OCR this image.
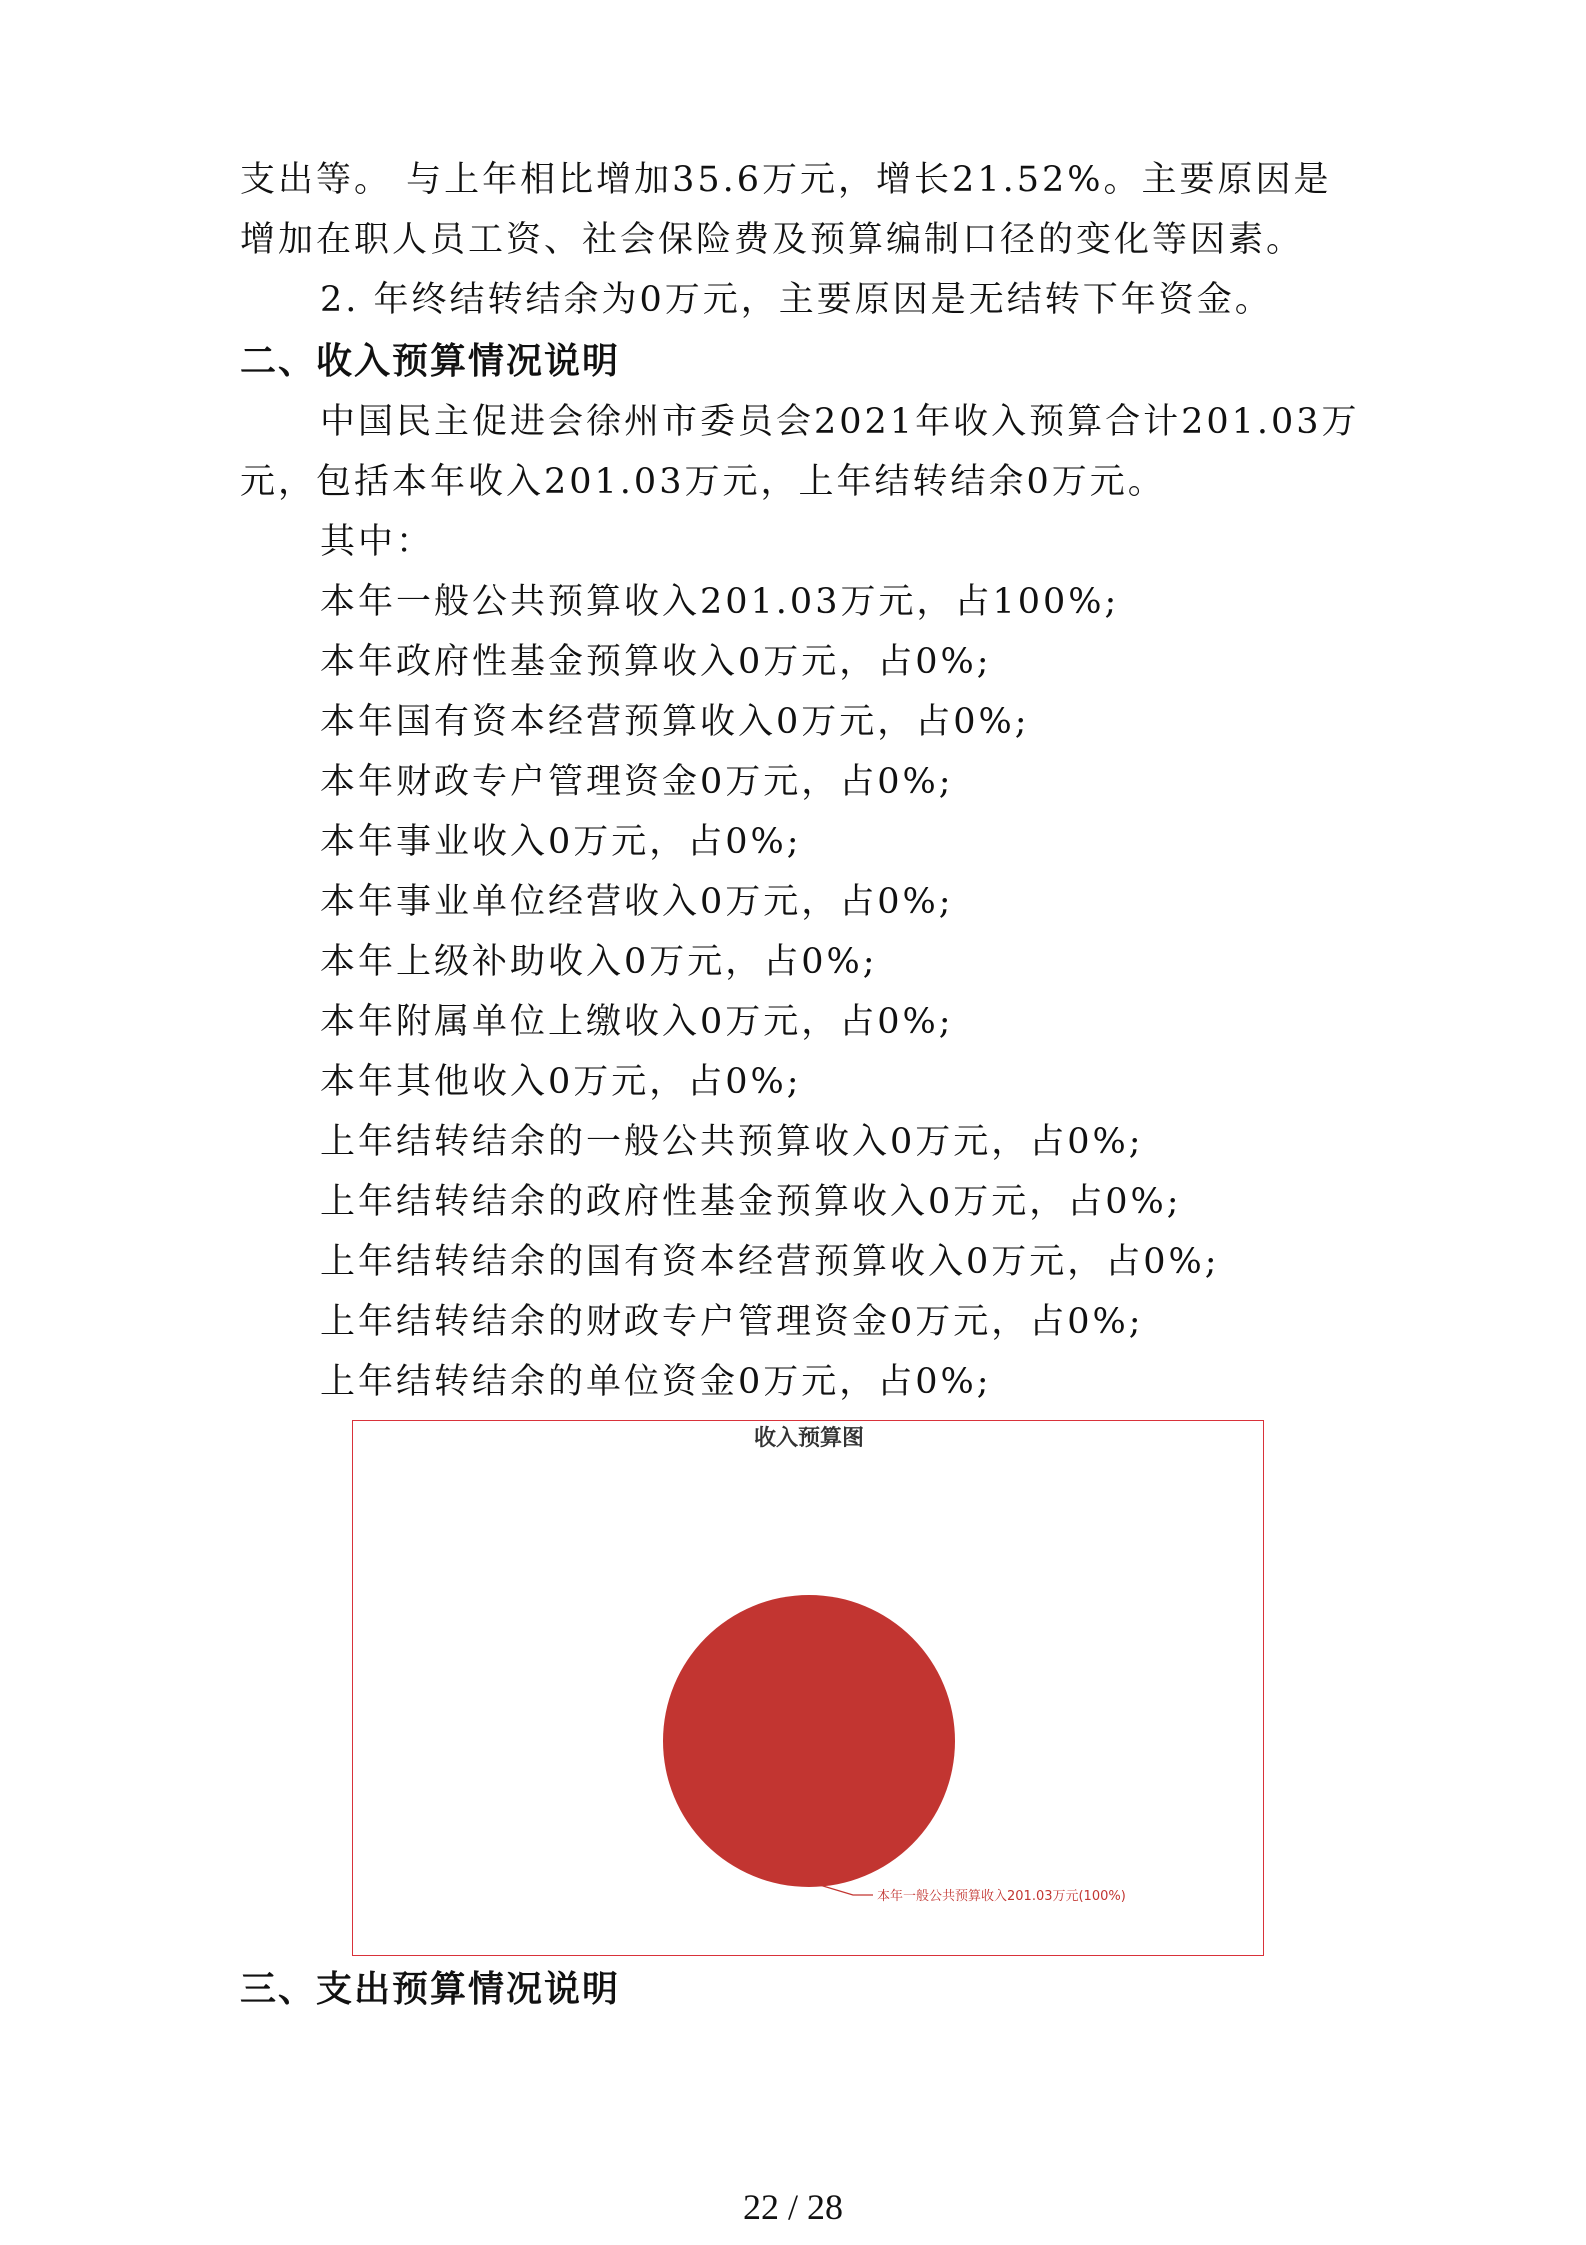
支出等。 与上年相比增加35.6万元，增长21.52%。主要原因是
增加在职人员工资、社会保险费及预算编制口径的变化等因素。
2. 年终结转结余为0万元，主要原因是无结转下年资金。
二、收入预算情况说明
中国民主促进会徐州市委员会2021年收入预算合计201.03万
元，包括本年收入201.03万元，上年结转结余0万元。
其中：
本年一般公共预算收入201.03万元，占100%;
本年政府性基金预算收入0万元，占0%;
本年国有资本经营预算收入0万元，占0%;
本年财政专户管理资金0万元，占0%;
本年事业收入0万元，占0%;
本年事业单位经营收入0万元，占0%;
本年上级补助收入0万元，占0%;
本年附属单位上缴收入0万元，占0%;
本年其他收入0万元，占0%;
上年结转结余的一般公共预算收入0万元，占0%;
上年结转结余的政府性基金预算收入0万元，占0%;
上年结转结余的国有资本经营预算收入0万元，占0%;
上年结转结余的财政专户管理资金0万元，占0%;
上年结转结余的单位资金0万元，占0%;
收入预算图
本年一般公共预算收入201.03万元(100%)
三、支出预算情况说明
22 / 28
